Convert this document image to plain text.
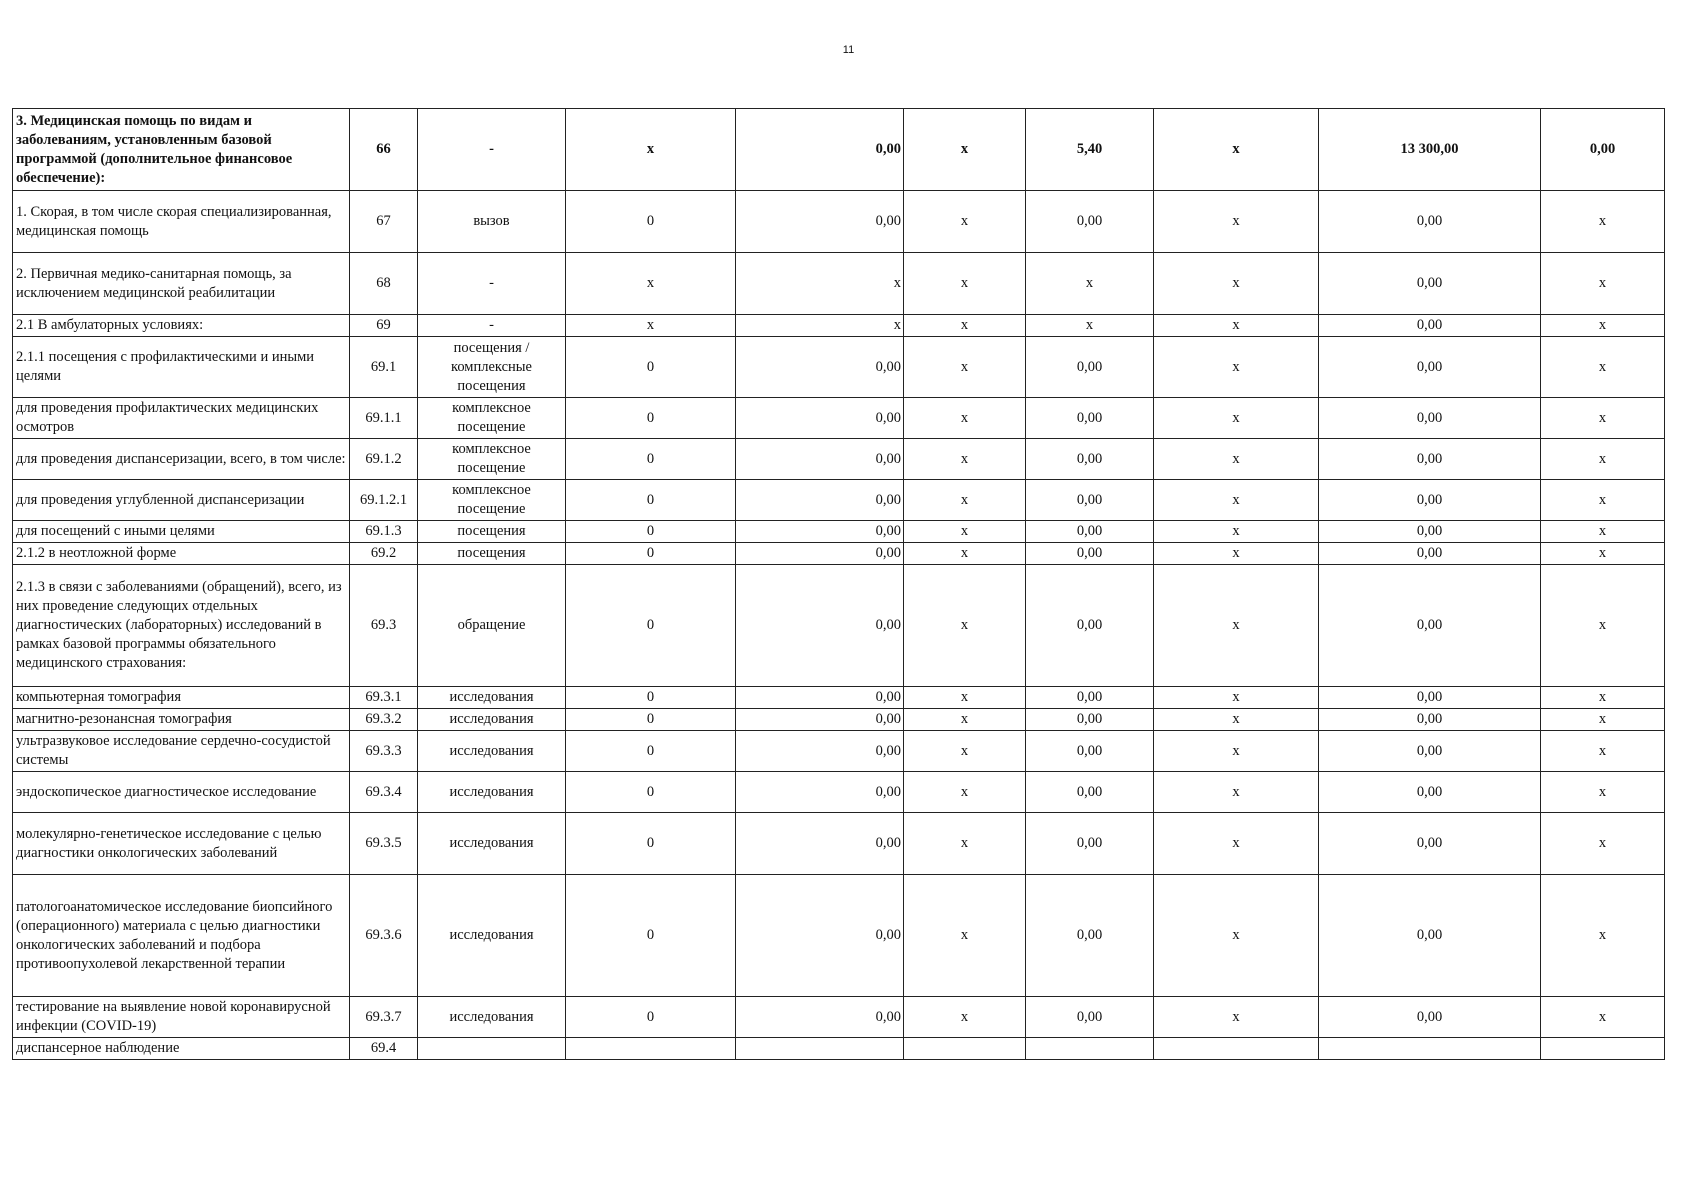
11
3. Медицинская помощь по видам и заболеваниям, установленным базовой программой (дополнительное финансовое обеспечение):	66	-	х	0,00	х	5,40	х	13 300,00	0,00
1. Скорая, в том числе скорая специализированная, медицинская помощь	67	вызов	0	0,00	х	0,00	х	0,00	х
2. Первичная медико-санитарная помощь, за исключением медицинской реабилитации	68	-	х	х	х	х	х	0,00	х
2.1 В амбулаторных условиях:	69	-	х	х	х	х	х	0,00	х
2.1.1 посещения с профилактическими и иными целями	69.1	посещения / комплексные посещения	0	0,00	х	0,00	х	0,00	х
для проведения профилактических медицинских осмотров	69.1.1	комплексное посещение	0	0,00	х	0,00	х	0,00	х
для проведения диспансеризации, всего, в том числе:	69.1.2	комплексное посещение	0	0,00	х	0,00	х	0,00	х
для проведения углубленной диспансеризации	69.1.2.1	комплексное посещение	0	0,00	х	0,00	х	0,00	х
для посещений с иными целями	69.1.3	посещения	0	0,00	х	0,00	х	0,00	х
2.1.2 в неотложной форме	69.2	посещения	0	0,00	х	0,00	х	0,00	х
2.1.3 в связи с заболеваниями (обращений), всего, из них проведение следующих отдельных диагностических (лабораторных) исследований в рамках базовой программы обязательного медицинского страхования:	69.3	обращение	0	0,00	х	0,00	х	0,00	х
компьютерная томография	69.3.1	исследования	0	0,00	х	0,00	х	0,00	х
магнитно-резонансная томография	69.3.2	исследования	0	0,00	х	0,00	х	0,00	х
ультразвуковое исследование сердечно-сосудистой системы	69.3.3	исследования	0	0,00	х	0,00	х	0,00	х
эндоскопическое диагностическое исследование	69.3.4	исследования	0	0,00	х	0,00	х	0,00	х
молекулярно-генетическое исследование с целью диагностики онкологических заболеваний	69.3.5	исследования	0	0,00	х	0,00	х	0,00	х
патологоанатомическое исследование биопсийного (операционного) материала с целью диагностики онкологических заболеваний и подбора противоопухолевой лекарственной терапии	69.3.6	исследования	0	0,00	х	0,00	х	0,00	х
тестирование на выявление новой коронавирусной инфекции (COVID-19)	69.3.7	исследования	0	0,00	х	0,00	х	0,00	х
диспансерное наблюдение	69.4								
